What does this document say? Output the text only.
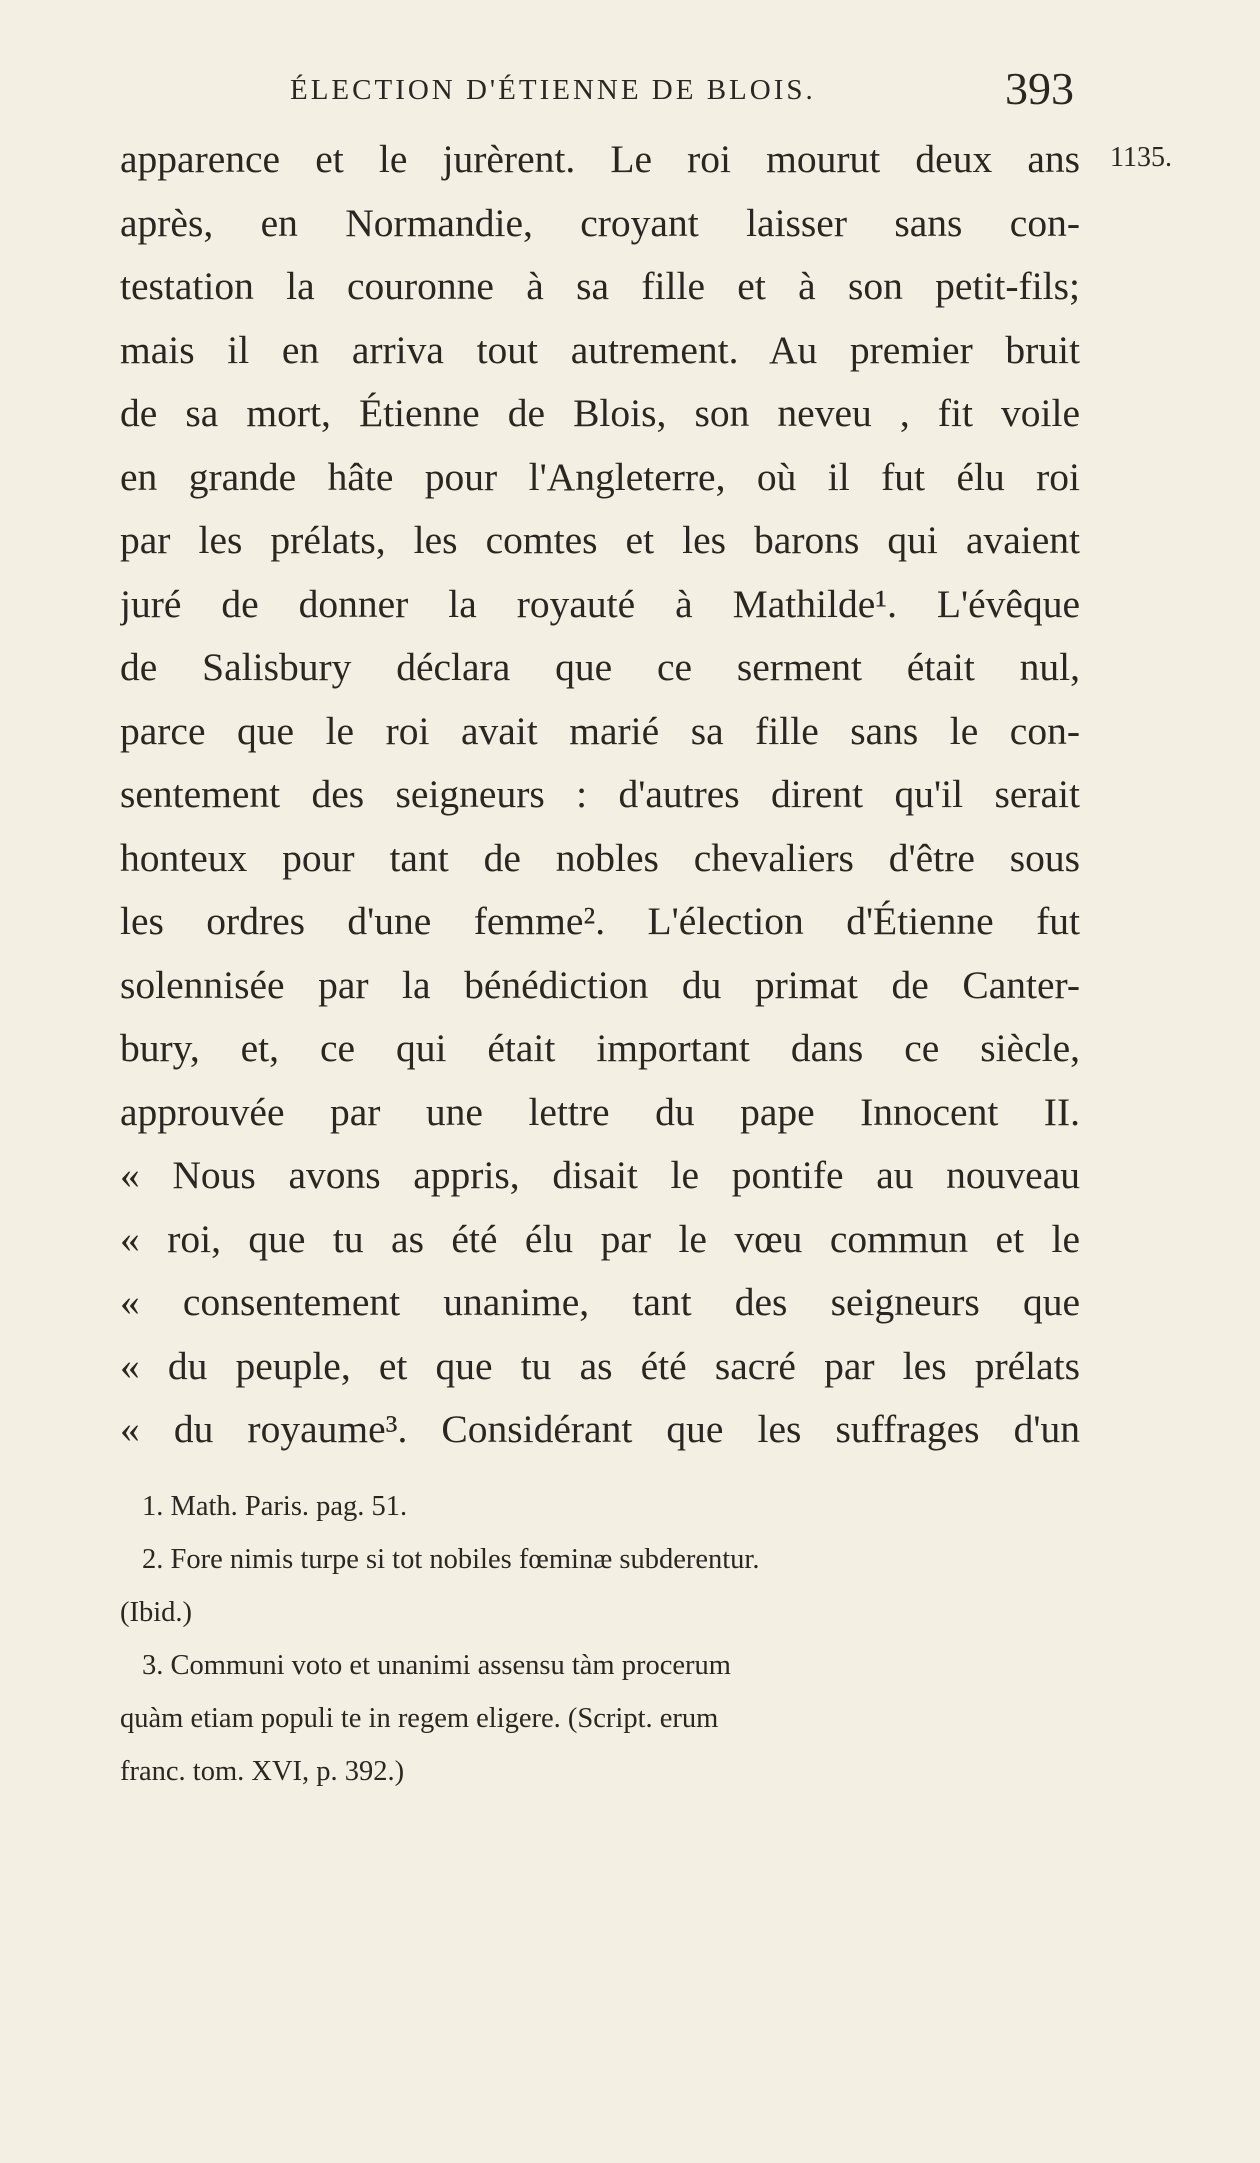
ÉLECTION D'ÉTIENNE DE BLOIS.	393
1135.
apparence et le jurèrent. Le roi mourut deux ans
après, en Normandie, croyant laisser sans con-
testation la couronne à sa fille et à son petit-fils;
mais il en arriva tout autrement. Au premier bruit
de sa mort, Étienne de Blois, son neveu , fit voile
en grande hâte pour l'Angleterre, où il fut élu roi
par les prélats, les comtes et les barons qui avaient
juré de donner la royauté à Mathilde¹. L'évêque
de Salisbury déclara que ce serment était nul,
parce que le roi avait marié sa fille sans le con-
sentement des seigneurs : d'autres dirent qu'il serait
honteux pour tant de nobles chevaliers d'être sous
les ordres d'une femme². L'élection d'Étienne fut
solennisée par la bénédiction du primat de Canter-
bury, et, ce qui était important dans ce siècle,
approuvée par une lettre du pape Innocent II.
« Nous avons appris, disait le pontife au nouveau
« roi, que tu as été élu par le vœu commun et le
« consentement unanime, tant des seigneurs que
« du peuple, et que tu as été sacré par les prélats
« du royaume³. Considérant que les suffrages d'un
1. Math. Paris. pag. 51.
2. Fore nimis turpe si tot nobiles fœminæ subderentur.
(Ibid.)
3. Communi voto et unanimi assensu tàm procerum
quàm etiam populi te in regem eligere. (Script. erum
franc. tom. XVI, p. 392.)
